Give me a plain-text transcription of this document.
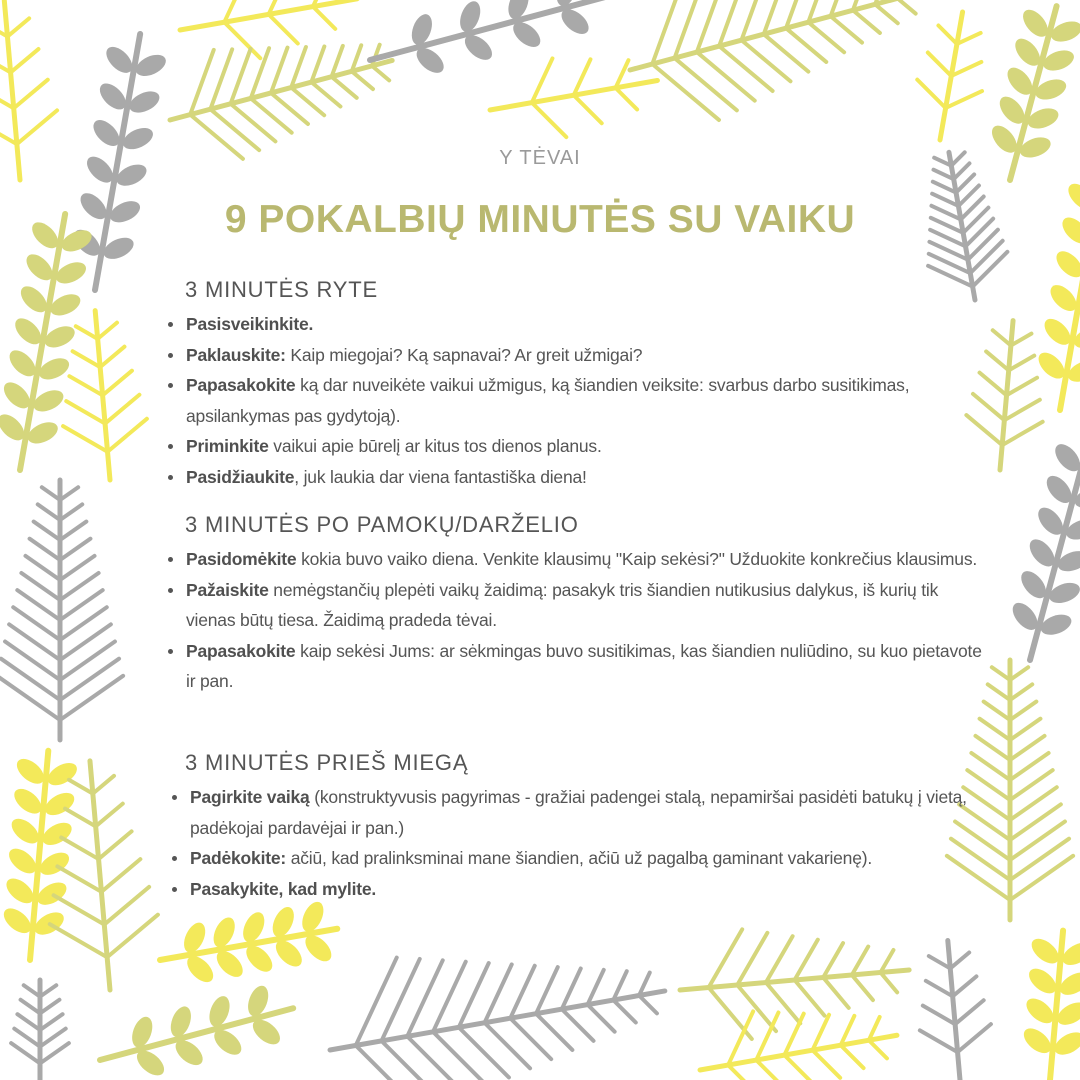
Y TĖVAI
9 POKALBIŲ MINUTĖS SU VAIKU
3 MINUTĖS RYTE
Pasisveikinkite.
Paklauskite: Kaip miegojai? Ką sapnavai? Ar greit užmigai?
Papasakokite ką dar nuveikėte vaikui užmigus, ką šiandien veiksite: svarbus darbo susitikimas, apsilankymas pas gydytoją).
Priminkite vaikui apie būrelį ar kitus tos dienos planus.
Pasidžiaukite, juk laukia dar viena fantastiška diena!
3 MINUTĖS PO PAMOKŲ/DARŽELIO
Pasidomėkite kokia buvo vaiko diena. Venkite klausimų "Kaip sekėsi?" Užduokite konkrečius klausimus.
Pažaiskite nemėgstančių plepėti vaikų žaidimą: pasakyk tris šiandien nutikusius dalykus, iš kurių tik vienas būtų tiesa. Žaidimą pradeda tėvai.
Papasakokite kaip sekėsi Jums: ar sėkmingas buvo susitikimas, kas šiandien nuliūdino, su kuo pietavote ir pan.
3 MINUTĖS PRIEŠ MIEGĄ
Pagirkite vaiką (konstruktyvusis pagyrimas - gražiai padengei stalą, nepamiršai pasidėti batukų į vietą, padėkojai pardavėjai ir pan.)
Padėkokite: ačiū, kad pralinksminai mane šiandien, ačiū už pagalbą gaminant vakarienę).
Pasakykite, kad mylite.
